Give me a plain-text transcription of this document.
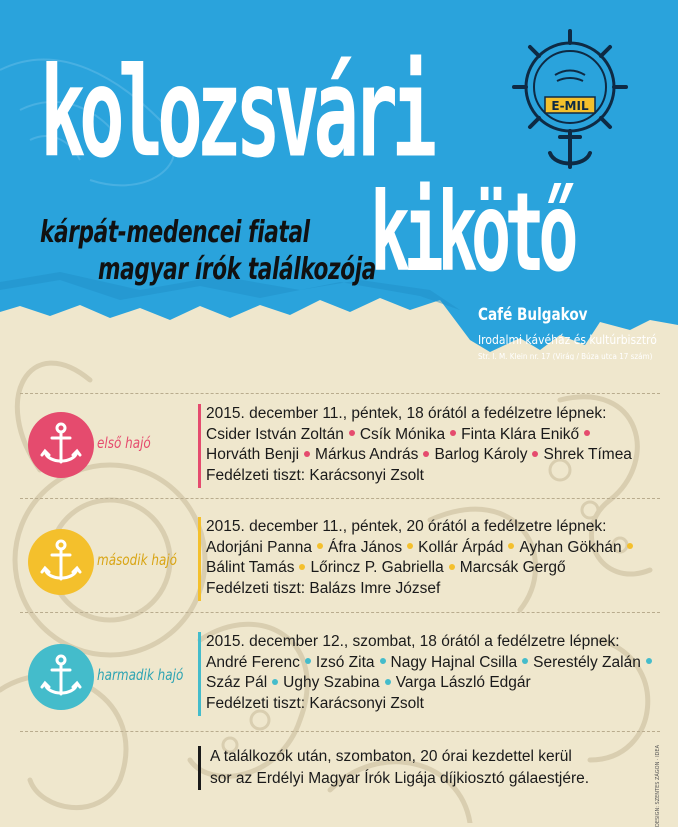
kolozsvári
kikötő
kárpát-medencei fiatal
magyar írók találkozója
Café Bulgakov
Irodalmi kávéház és kultúrbisztró
Str. I. M. Klein nr. 17 (Virág / Búza utca 17 szám)
E-MIL
első hajó
2015. december 11., péntek, 18 órától a fedélzetre lépnek:
Csider István Zoltán Csík Mónika Finta Klára Enikő
Horváth Benji Márkus András Barlog Károly Shrek Tímea
Fedélzeti tiszt: Karácsonyi Zsolt
második hajó
2015. december 11., péntek, 20 órától a fedélzetre lépnek:
Adorjáni Panna Áfra János Kollár Árpád Ayhan Gökhán
Bálint Tamás Lőrincz P. Gabriella Marcsák Gergő
Fedélzeti tiszt: Balázs Imre József
harmadik hajó
2015. december 12., szombat, 18 órától a fedélzetre lépnek:
André Ferenc Izsó Zita Nagy Hajnal Csilla Serestély Zalán
Száz Pál Ughy Szabina Varga László Edgár
Fedélzeti tiszt: Karácsonyi Zsolt
A találkozók után, szombaton, 20 órai kezdettel kerül
sor az Erdélyi Magyar Írók Ligája díjkiosztó gálaestjére.	DESIGN: SZENTES ZÁGON · IDEA
